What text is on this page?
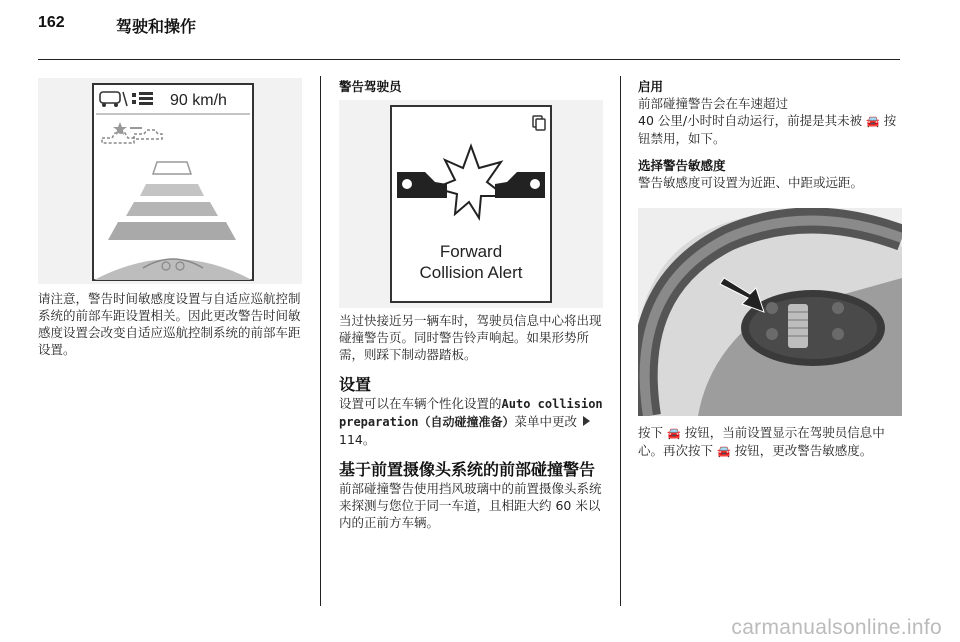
162	驾驶和操作
90 km/h

请注意，警告时间敏感度设置与自适应巡航控制系统的前部车距设置相关。因此更改警告时间敏感度设置会改变自适应巡航控制系统的前部车距设置。

警告驾驶员

Forward
Collision Alert

当过快接近另一辆车时，驾驶员信息中心将出现碰撞警告页。同时警告铃声响起。如果形势所需，则踩下制动器踏板。

设置

设置可以在车辆个性化设置的Auto collision preparation（自动碰撞准备）菜单中更改  114。

基于前置摄像头系统的前部碰撞警告

前部碰撞警告使用挡风玻璃中的前置摄像头系统来探测与您位于同一车道，且相距大约 60 米以内的正前方车辆。

启用

前部碰撞警告会在车速超过
40 公里/小时时自动运行，前提是其未被 🚘 按钮禁用，如下。

选择警告敏感度

警告敏感度可设置为近距、中距或远距。

按下 🚘 按钮，当前设置显示在驾驶员信息中心。再次按下 🚘 按钮，更改警告敏感度。

carmanualsonline.info
